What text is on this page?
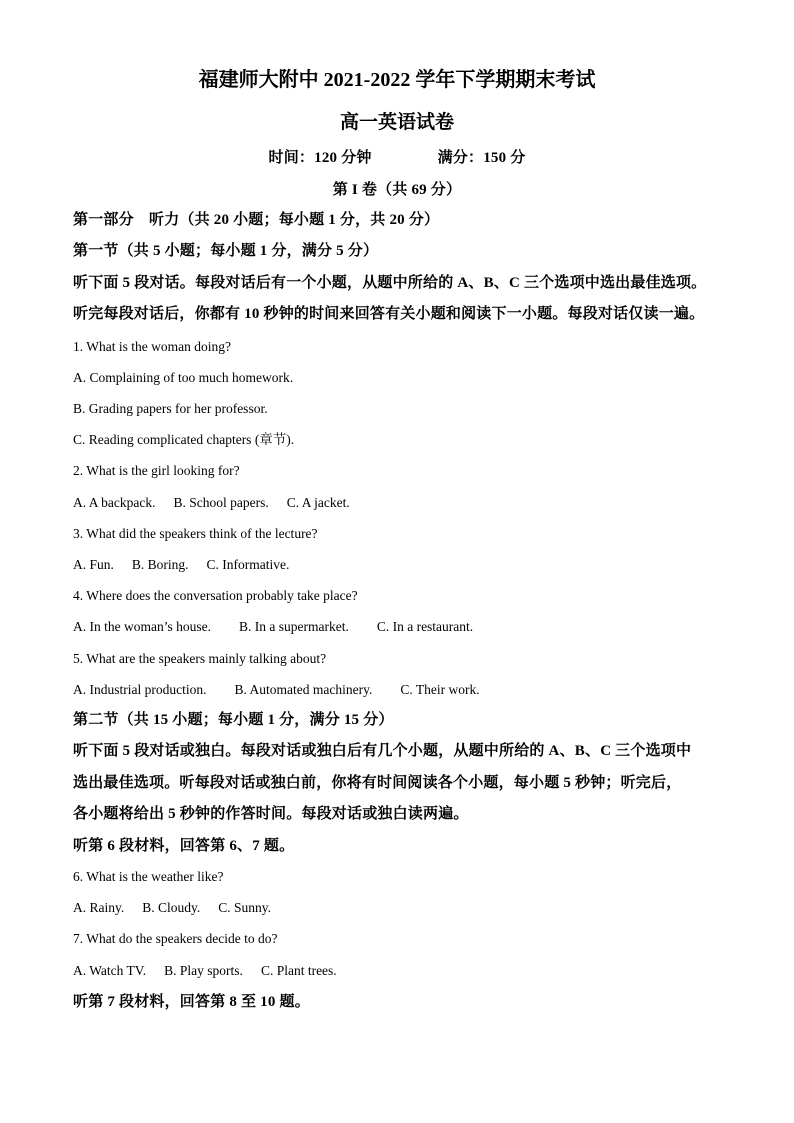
福建师大附中 2021-2022 学年下学期期末考试
高一英语试卷
时间：120 分钟	满分：150 分
第 I 卷（共 69 分）
第一部分　听力（共 20 小题；每小题 1 分，共 20 分）
第一节（共 5 小题；每小题 1 分，满分 5 分）
听下面 5 段对话。每段对话后有一个小题，从题中所给的 A、B、C 三个选项中选出最佳选项。
听完每段对话后，你都有 10 秒钟的时间来回答有关小题和阅读下一小题。每段对话仅读一遍。
1. What is the woman doing?
A. Complaining of too much homework.
B. Grading papers for her professor.
C. Reading complicated chapters (章节).
2. What is the girl looking for?
A. A backpack. B. School papers. C. A jacket.
3. What did the speakers think of the lecture?
A. Fun. B. Boring. C. Informative.
4. Where does the conversation probably take place?
A. In the woman’s house. B. In a supermarket. C. In a restaurant.
5. What are the speakers mainly talking about?
A. Industrial production. B. Automated machinery. C. Their work.
第二节（共 15 小题；每小题 1 分，满分 15 分）
听下面 5 段对话或独白。每段对话或独白后有几个小题，从题中所给的 A、B、C 三个选项中
选出最佳选项。听每段对话或独白前，你将有时间阅读各个小题，每小题 5 秒钟；听完后，
各小题将给出 5 秒钟的作答时间。每段对话或独白读两遍。
听第 6 段材料，回答第 6、7 题。
6. What is the weather like?
A. Rainy. B. Cloudy. C. Sunny.
7. What do the speakers decide to do?
A. Watch TV. B. Play sports. C. Plant trees.
听第 7 段材料，回答第 8 至 10 题。
